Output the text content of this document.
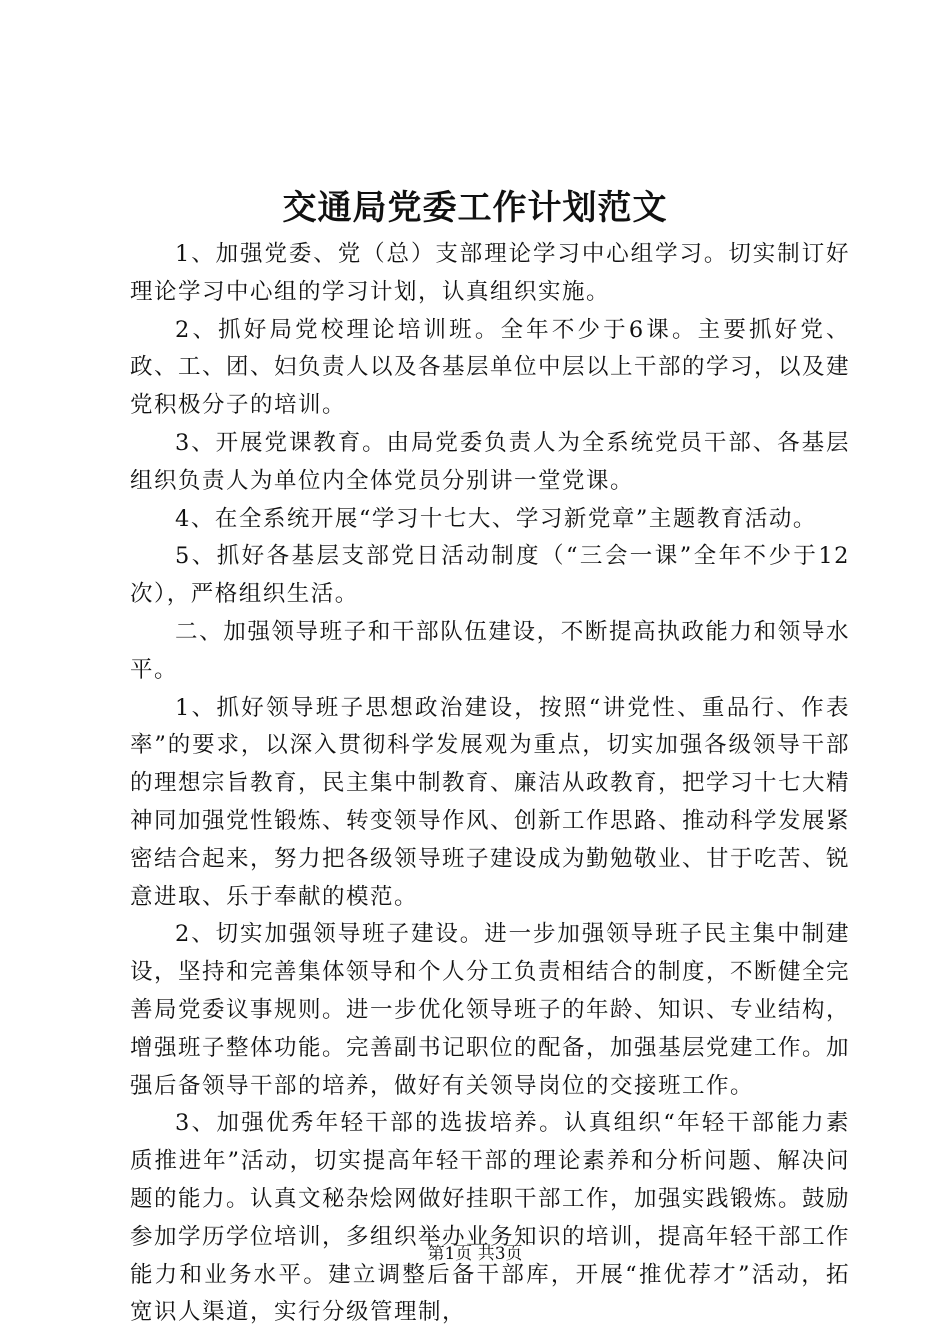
交通局党委工作计划范文

1、加强党委、党（总）支部理论学习中心组学习。切实制订好理论学习中心组的学习计划，认真组织实施。

2、抓好局党校理论培训班。全年不少于6课。主要抓好党、政、工、团、妇负责人以及各基层单位中层以上干部的学习，以及建党积极分子的培训。

3、开展党课教育。由局党委负责人为全系统党员干部、各基层组织负责人为单位内全体党员分别讲一堂党课。

4、在全系统开展“学习十七大、学习新党章”主题教育活动。

5、抓好各基层支部党日活动制度（“三会一课”全年不少于12次），严格组织生活。

二、加强领导班子和干部队伍建设，不断提高执政能力和领导水平。

1、抓好领导班子思想政治建设，按照“讲党性、重品行、作表率”的要求，以深入贯彻科学发展观为重点，切实加强各级领导干部的理想宗旨教育，民主集中制教育、廉洁从政教育，把学习十七大精神同加强党性锻炼、转变领导作风、创新工作思路、推动科学发展紧密结合起来，努力把各级领导班子建设成为勤勉敬业、甘于吃苦、锐意进取、乐于奉献的模范。

2、切实加强领导班子建设。进一步加强领导班子民主集中制建设，坚持和完善集体领导和个人分工负责相结合的制度，不断健全完善局党委议事规则。进一步优化领导班子的年龄、知识、专业结构，增强班子整体功能。完善副书记职位的配备，加强基层党建工作。加强后备领导干部的培养，做好有关领导岗位的交接班工作。

3、加强优秀年轻干部的选拔培养。认真组织“年轻干部能力素质推进年”活动，切实提高年轻干部的理论素养和分析问题、解决问题的能力。认真文秘杂烩网做好挂职干部工作，加强实践锻炼。鼓励参加学历学位培训，多组织举办业务知识的培训，提高年轻干部工作能力和业务水平。建立调整后备干部库，开展“推优荐才”活动，拓宽识人渠道，实行分级管理制，

第1页 共3页
